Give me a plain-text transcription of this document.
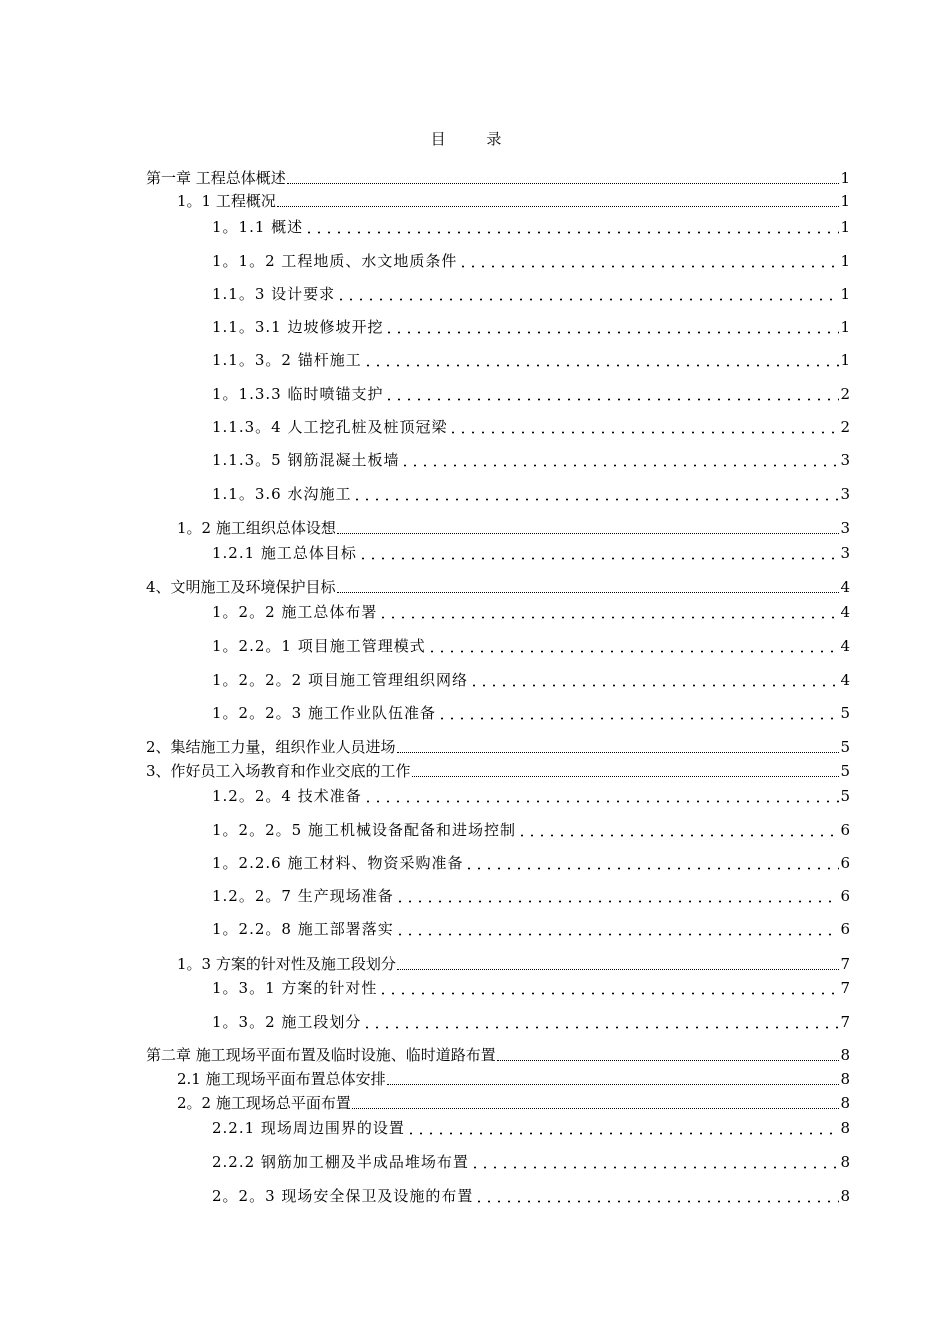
目 录
第一章 工程总体概述	1
1。1 工程概况	1
1。1.1 概述	1
1。1。2 工程地质、水文地质条件	1
1.1。3 设计要求	1
1.1。3.1 边坡修坡开挖	1
1.1。3。2 锚杆施工	1
1。1.3.3 临时喷锚支护	2
1.1.3。4 人工挖孔桩及桩顶冠梁	2
1.1.3。5 钢筋混凝土板墙	3
1.1。3.6 水沟施工	3
1。2 施工组织总体设想	3
1.2.1 施工总体目标	3
4、文明施工及环境保护目标	4
1。2。2 施工总体布署	4
1。2.2。1 项目施工管理模式	4
1。2。2。2 项目施工管理组织网络	4
1。2。2。3 施工作业队伍准备	5
2、集结施工力量，组织作业人员进场	5
3、作好员工入场教育和作业交底的工作	5
1.2。2。4 技术准备	5
1。2。2。5 施工机械设备配备和进场控制	6
1。2.2.6 施工材料、物资采购准备	6
1.2。2。7 生产现场准备	6
1。2.2。8 施工部署落实	6
1。3 方案的针对性及施工段划分	7
1。3。1 方案的针对性	7
1。3。2 施工段划分	7
第二章 施工现场平面布置及临时设施、临时道路布置	8
2.1 施工现场平面布置总体安排	8
2。2 施工现场总平面布置	8
2.2.1 现场周边围界的设置	8
2.2.2 钢筋加工棚及半成品堆场布置	8
2。2。3 现场安全保卫及设施的布置	8
